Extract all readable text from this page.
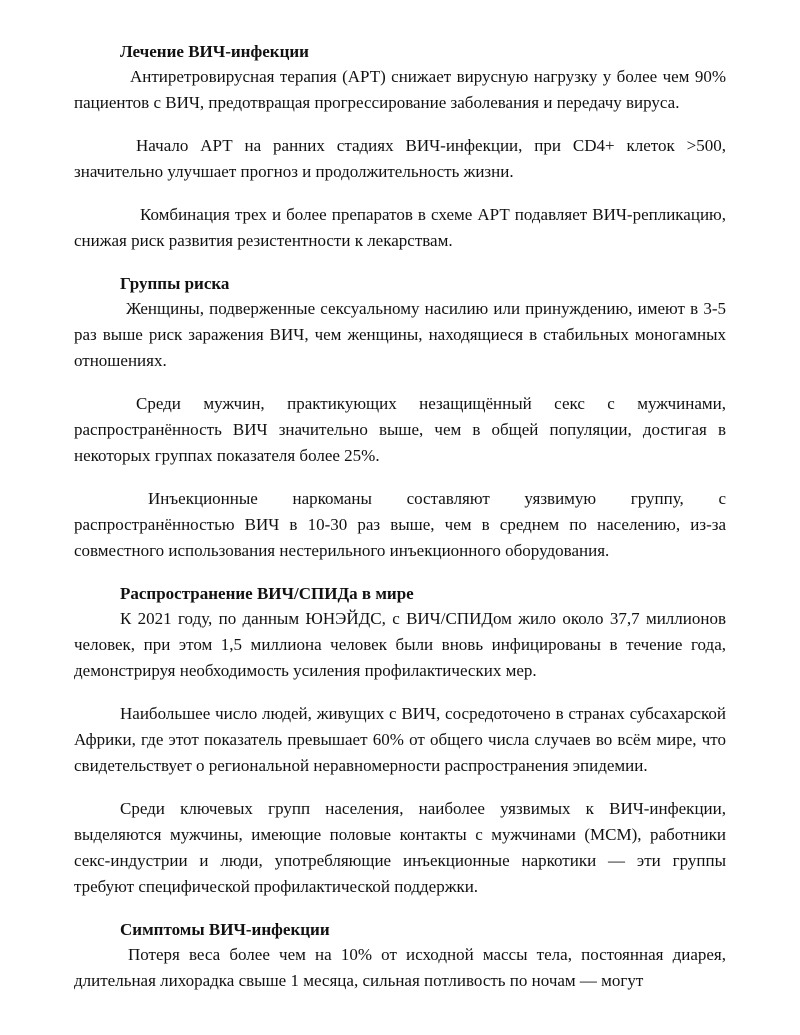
Лечение ВИЧ-инфекции

Антиретровирусная терапия (АРТ) снижает вирусную нагрузку у более чем 90% пациентов с ВИЧ, предотвращая прогрессирование заболевания и передачу вируса.

Начало АРТ на ранних стадиях ВИЧ-инфекции, при CD4+ клеток >500, значительно улучшает прогноз и продолжительность жизни.

Комбинация трех и более препаратов в схеме АРТ подавляет ВИЧ-репликацию, снижая риск развития резистентности к лекарствам.

Группы риска

Женщины, подверженные сексуальному насилию или принуждению, имеют в 3-5 раз выше риск заражения ВИЧ, чем женщины, находящиеся в стабильных моногамных отношениях.

Среди мужчин, практикующих незащищённый секс с мужчинами, распространённость ВИЧ значительно выше, чем в общей популяции, достигая в некоторых группах показателя более 25%.

Инъекционные наркоманы составляют уязвимую группу, с распространённостью ВИЧ в 10-30 раз выше, чем в среднем по населению, из-за совместного использования нестерильного инъекционного оборудования.

Распространение ВИЧ/СПИДа в мире

К 2021 году, по данным ЮНЭЙДС, с ВИЧ/СПИДом жило около 37,7 миллионов человек, при этом 1,5 миллиона человек были вновь инфицированы в течение года, демонстрируя необходимость усиления профилактических мер.

Наибольшее число людей, живущих с ВИЧ, сосредоточено в странах субсахарской Африки, где этот показатель превышает 60% от общего числа случаев во всём мире, что свидетельствует о региональной неравномерности распространения эпидемии.

Среди ключевых групп населения, наиболее уязвимых к ВИЧ-инфекции, выделяются мужчины, имеющие половые контакты с мужчинами (МСМ), работники секс-индустрии и люди, употребляющие инъекционные наркотики — эти группы требуют специфической профилактической поддержки.

Симптомы ВИЧ-инфекции

Потеря веса более чем на 10% от исходной массы тела, постоянная диарея, длительная лихорадка свыше 1 месяца, сильная потливость по ночам — могут
